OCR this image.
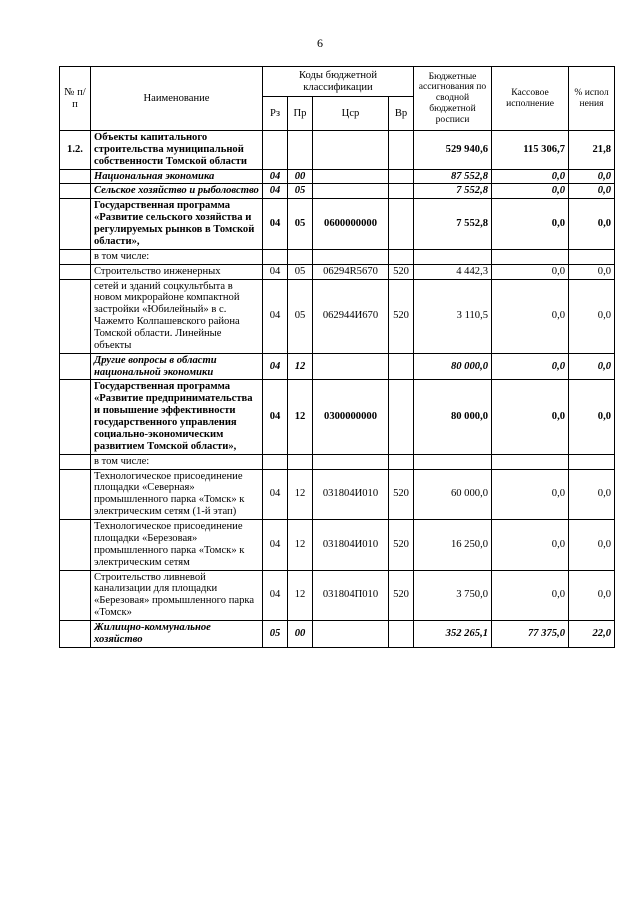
6
№ п/п	Наименование	Коды бюджетной классификации				Бюджетные ассигнования по сводной бюджетной росписи	Кассовое исполнение	% испол нения
		Рз	Пр	Цср	Вр			
1.2.	Объекты капитального строительства муниципальной собственности Томской области					529 940,6	115 306,7	21,8
	Национальная экономика	04	00			87 552,8	0,0	0,0
	Сельское хозяйство и рыболовство	04	05			7 552,8	0,0	0,0
	Государственная программа «Развитие сельского хозяйства и регулируемых рынков в Томской области»,	04	05	0600000000		7 552,8	0,0	0,0
	в том числе:							
	Строительство инженерных	04	05	06294R5670	520	4 442,3	0,0	0,0
	сетей и зданий соцкультбыта в новом микрорайоне компактной застройки «Юбилейный» в с. Чажемто Колпашевского района Томской области. Линейные объекты	04	05	062944И670	520	3 110,5	0,0	0,0
	Другие вопросы в области национальной экономики	04	12			80 000,0	0,0	0,0
	Государственная программа «Развитие предпринимательства и повышение эффективности государственного управления социально-экономическим развитием Томской области»,	04	12	0300000000		80 000,0	0,0	0,0
	в том числе:							
	Технологическое присоединение площадки «Северная» промышленного парка «Томск» к электрическим сетям (1-й этап)	04	12	031804И010	520	60 000,0	0,0	0,0
	Технологическое присоединение площадки «Березовая» промышленного парка «Томск» к электрическим сетям	04	12	031804И010	520	16 250,0	0,0	0,0
	Строительство ливневой канализации для площадки «Березовая» промышленного парка «Томск»	04	12	031804П010	520	3 750,0	0,0	0,0
	Жилищно-коммунальное хозяйство	05	00			352 265,1	77 375,0	22,0
